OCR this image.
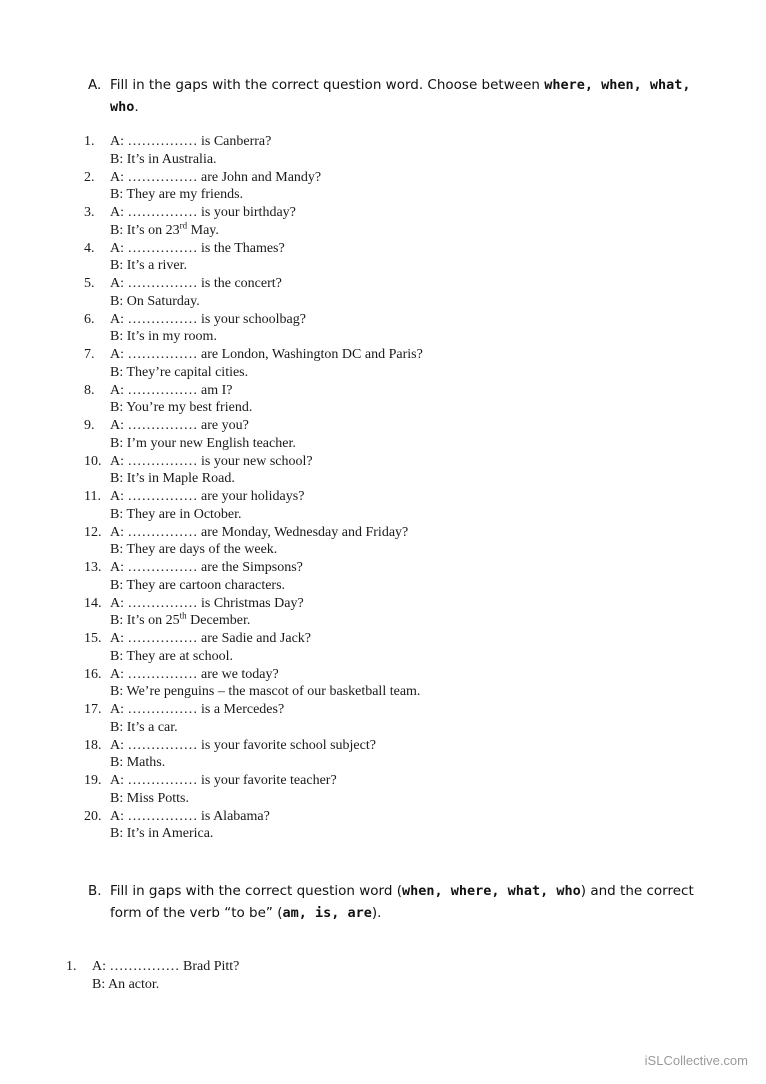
A. Fill in the gaps with the correct question word. Choose between where, when, what, who.
1.	A: …………… is Canberra?
B: It’s in Australia.
2.	A: …………… are John and Mandy?
B: They are my friends.
3.	A: …………… is your birthday?
B: It’s on 23rd May.
4.	A: …………… is the Thames?
B: It’s a river.
5.	A: …………… is the concert?
B: On Saturday.
6.	A: …………… is your schoolbag?
B: It’s in my room.
7.	A: …………… are London, Washington DC and Paris?
B: They’re capital cities.
8.	A: …………… am I?
B: You’re my best friend.
9.	A: …………… are you?
B: I’m your new English teacher.
10. A: …………… is your new school?
B: It’s in Maple Road.
11. A: …………… are your holidays?
B: They are in October.
12. A: …………… are Monday, Wednesday and Friday?
B: They are days of the week.
13. A: …………… are the Simpsons?
B: They are cartoon characters.
14. A: …………… is Christmas Day?
B: It’s on 25th December.
15. A: …………… are Sadie and Jack?
B: They are at school.
16. A: …………… are we today?
B: We’re penguins – the mascot of our basketball team.
17. A: …………… is a Mercedes?
B: It’s a car.
18. A: …………… is your favorite school subject?
B: Maths.
19. A: …………… is your favorite teacher?
B: Miss Potts.
20. A: …………… is Alabama?
B: It’s in America.
B. Fill in gaps with the correct question word (when, where, what, who) and the correct form of the verb “to be” (am, is, are).
1.	A: …………… Brad Pitt?
B: An actor.
iSLCollective.com
